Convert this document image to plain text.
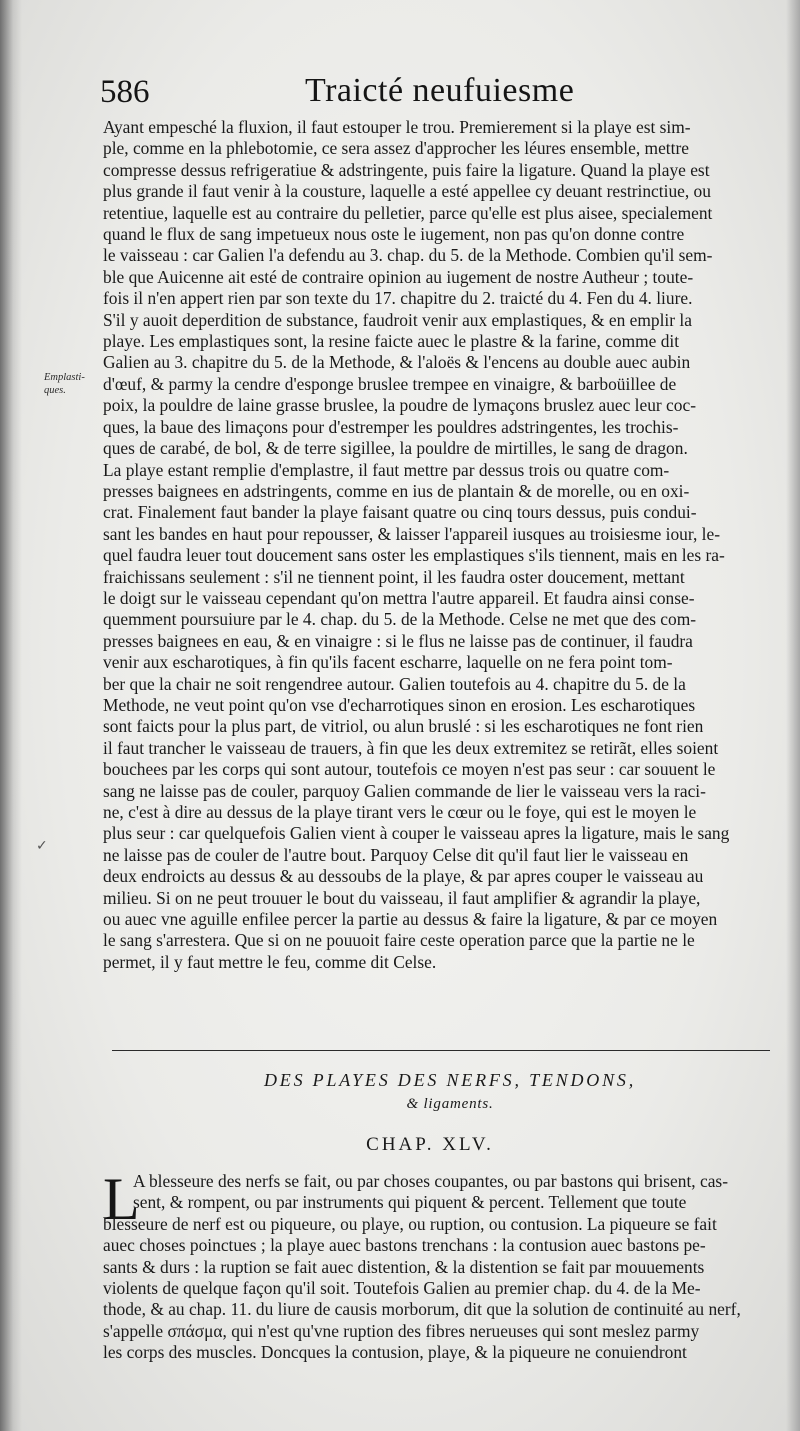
586	Traicté neufuiesme
Emplasti-ques.
✓
Ayant empesché la fluxion, il faut estouper le trou. Premierement si la playe est sim-
ple, comme en la phlebotomie, ce sera assez d'approcher les léures ensemble, mettre
compresse dessus refrigeratiue & adstringente, puis faire la ligature. Quand la playe est
plus grande il faut venir à la cousture, laquelle a esté appellee cy deuant restrinctiue, ou
retentiue, laquelle est au contraire du pelletier, parce qu'elle est plus aisee, specialement
quand le flux de sang impetueux nous oste le iugement, non pas qu'on donne contre
le vaisseau : car Galien l'a defendu au 3. chap. du 5. de la Methode. Combien qu'il sem-
ble que Auicenne ait esté de contraire opinion au iugement de nostre Autheur ; toute-
fois il n'en appert rien par son texte du 17. chapitre du 2. traicté du 4. Fen du 4. liure.
S'il y auoit deperdition de substance, faudroit venir aux emplastiques, & en emplir la
playe. Les emplastiques sont, la resine faicte auec le plastre & la farine, comme dit
Galien au 3. chapitre du 5. de la Methode, & l'aloës & l'encens au double auec aubin
d'œuf, & parmy la cendre d'esponge brusleе trempee en vinaigre, & barboüillee de
poix, la pouldre de laine grasse bruslee, la poudre de lymaçons bruslez auec leur coc-
ques, la baue des limaçons pour d'estremper les pouldres adstringentes, les trochis-
ques de carabé, de bol, & de terre sigillee, la pouldre de mirtilles, le sang de dragon.
La playe estant remplie d'emplastre, il faut mettre par dessus trois ou quatre com-
presses baignees en adstringents, comme en ius de plantain & de morelle, ou en oxi-
crat. Finalement faut bander la playe faisant quatre ou cinq tours dessus, puis condui-
sant les bandes en haut pour repousser, & laisser l'appareil iusques au troisiesme iour, le-
quel faudra leuer tout doucement sans oster les emplastiques s'ils tiennent, mais en les ra-
fraichissans seulement : s'il ne tiennent point, il les faudra oster doucement, mettant
le doigt sur le vaisseau cependant qu'on mettra l'autre appareil. Et faudra ainsi conse-
quemment poursuiure par le 4. chap. du 5. de la Methode. Celse ne met que des com-
presses baignees en eau, & en vinaigre : si le flus ne laisse pas de continuer, il faudra
venir aux escharotiques, à fin qu'ils facent escharre, laquelle on ne fera point tom-
ber que la chair ne soit rengendree autour. Galien toutefois au 4. chapitre du 5. de la
Methode, ne veut point qu'on vse d'echarrotiques sinon en erosion. Les escharotiques
sont faicts pour la plus part, de vitriol, ou alun bruslé : si les escharotiques ne font rien
il faut trancher le vaisseau de trauers, à fin que les deux extremitez se retirãt, elles soient
bouchees par les corps qui sont autour, toutefois ce moyen n'est pas seur : car souuent le
sang ne laisse pas de couler, parquoy Galien commande de lier le vaisseau vers la raci-
ne, c'est à dire au dessus de la playe tirant vers le cœur ou le foye, qui est le moyen le
plus seur : car quelquefois Galien vient à couper le vaisseau apres la ligature, mais le sang
ne laisse pas de couler de l'autre bout. Parquoy Celse dit qu'il faut lier le vaisseau en
deux endroicts au dessus & au dessoubs de la playe, & par apres couper le vaisseau au
milieu. Si on ne peut trouuer le bout du vaisseau, il faut amplifier & agrandir la playe,
ou auec vne aguille enfilee percer la partie au dessus & faire la ligature, & par ce moyen
le sang s'arrestera. Que si on ne pouuoit faire ceste operation parce que la partie ne le
permet, il y faut mettre le feu, comme dit Celse.
DES PLAYES DES NERFS, TENDONS,
& ligaments.
CHAP. XLV.
L
A blesseure des nerfs se fait, ou par choses coupantes, ou par bastons qui brisent, cas-
sent, & rompent, ou par instruments qui piquent & percent. Tellement que toute
blesseure de nerf est ou piqueure, ou playe, ou ruption, ou contusion. La piqueure se fait
auec choses poinctues ; la playe auec bastons trenchans : la contusion auec bastons pe-
sants & durs : la ruption se fait auec distention, & la distention se fait par mouuements
violents de quelque façon qu'il soit. Toutefois Galien au premier chap. du 4. de la Me-
thode, & au chap. 11. du liure de causis morborum, dit que la solution de continuité au nerf,
s'appelle σπάσμα, qui n'est qu'vne ruption des fibres nerueuses qui sont meslez parmy
les corps des muscles. Doncques la contusion, playe, & la piqueure ne conuiendront
